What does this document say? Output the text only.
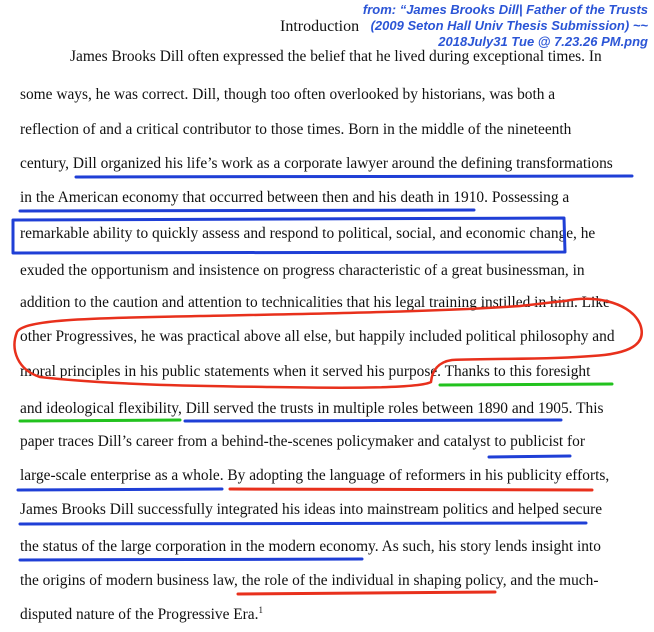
from: “James Brooks Dill| Father of the Trusts
(2009 Seton Hall Univ Thesis Submission) ~~
2018July31 Tue @ 7.23.26 PM.png
Introduction
James Brooks Dill often expressed the belief that he lived during exceptional times. In
some ways, he was correct. Dill, though too often overlooked by historians, was both a
reflection of and a critical contributor to those times. Born in the middle of the nineteenth
century, Dill organized his life’s work as a corporate lawyer around the defining transformations
in the American economy that occurred between then and his death in 1910. Possessing a
remarkable ability to quickly assess and respond to political, social, and economic change, he
exuded the opportunism and insistence on progress characteristic of a great businessman, in
addition to the caution and attention to technicalities that his legal training instilled in him. Like
other Progressives, he was practical above all else, but happily included political philosophy and
moral principles in his public statements when it served his purpose. Thanks to this foresight
and ideological flexibility, Dill served the trusts in multiple roles between 1890 and 1905. This
paper traces Dill’s career from a behind-the-scenes policymaker and catalyst to publicist for
large-scale enterprise as a whole. By adopting the language of reformers in his publicity efforts,
James Brooks Dill successfully integrated his ideas into mainstream politics and helped secure
the status of the large corporation in the modern economy. As such, his story lends insight into
the origins of modern business law, the role of the individual in shaping policy, and the much-
disputed nature of the Progressive Era.$^1$
